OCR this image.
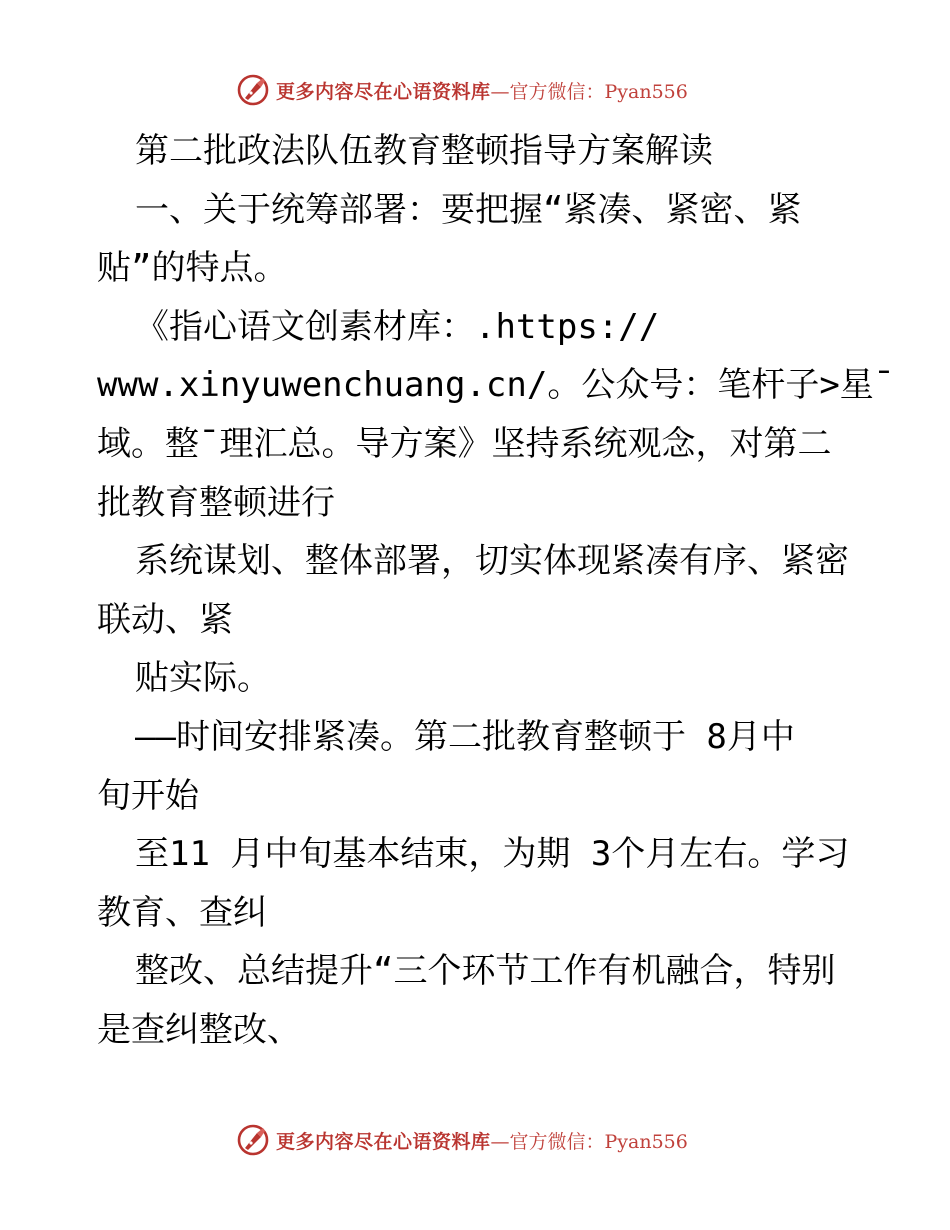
更多内容尽在心语资料库 —官方微信：Pyan556
第二批政法队伍教育整顿指导方案解读
一、关于统筹部署：要把握“紧凑、紧密、紧
贴”的特点。
《指心语文创素材库：.https://
www.xinyuwenchuang.cn/。公众号：笔杆子>星¯
域。整¯理汇总。导方案》坚持系统观念，对第二
批教育整顿进行
系统谋划、整体部署，切实体现紧凑有序、紧密
联动、紧
贴实际。
——时间安排紧凑。第二批教育整顿于 8月中
旬开始
至11 月中旬基本结束，为期 3个月左右。学习
教育、查纠
整改、总结提升“三个环节工作有机融合，特别
是查纠整改、
更多内容尽在心语资料库 —官方微信：Pyan556
